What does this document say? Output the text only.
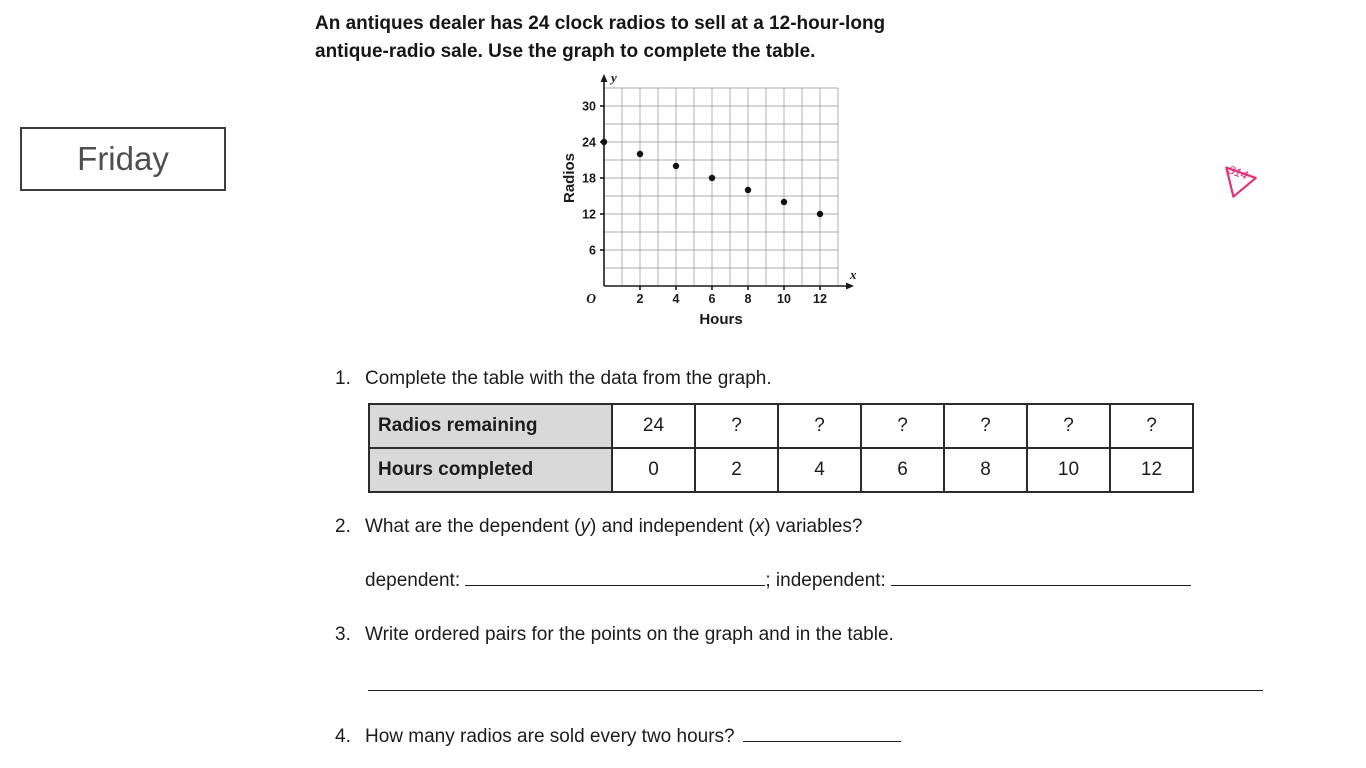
Friday
An antiques dealer has 24 clock radios to sell at a 12-hour-long
antique-radio sale. Use the graph to complete the table.
2 4 6 8 10 12
6
12
18
24
30
y
x
O
Hours
Radios
1. Complete the table with the data from the graph.
Radios remaining	24	?	?	?	?	?	?
Hours completed	0	2	4	6	8	10	12
2. What are the dependent (y) and independent (x) variables?
dependent:	; independent:
3. Write ordered pairs for the points on the graph and in the table.
4. How many radios are sold every two hours?
314
